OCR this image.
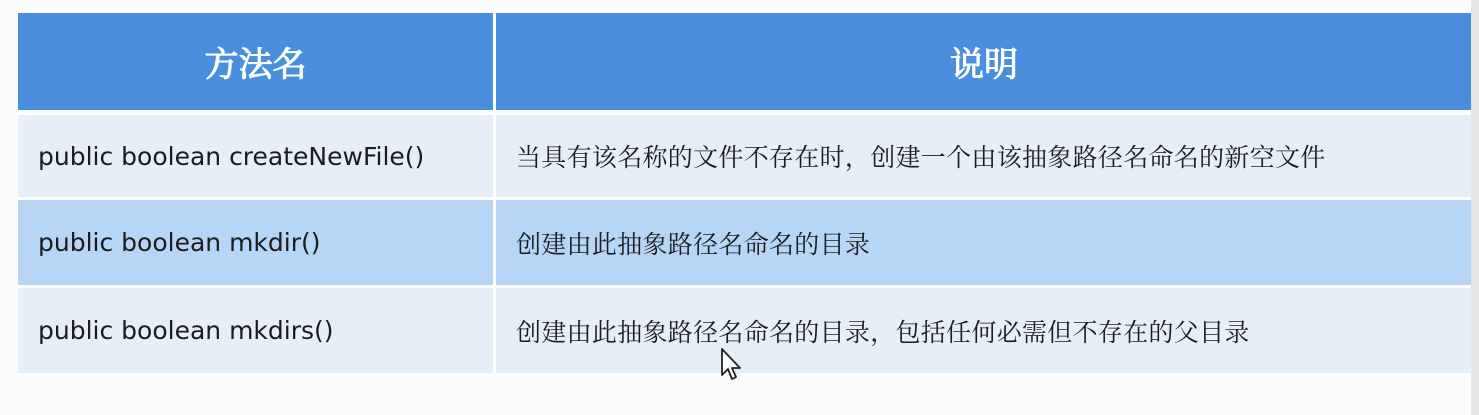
方法名	说明
public boolean createNewFile()	当具有该名称的文件不存在时，创建一个由该抽象路径名命名的新空文件
public boolean mkdir()	创建由此抽象路径名命名的目录
public boolean mkdirs()	创建由此抽象路径名命名的目录，包括任何必需但不存在的父目录
